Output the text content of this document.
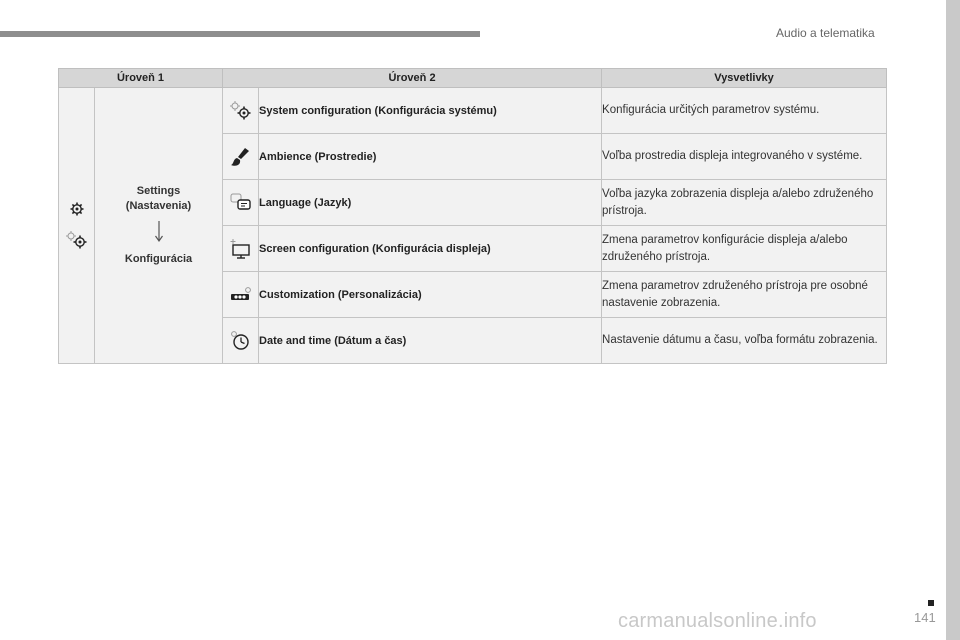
Audio a telematika
Úroveň 1		Úroveň 2		Vysvetlivky

Settings
(Nastavenia)
Konfigurácia		System configuration (Konfigurácia systému)	Konfigurácia určitých parametrov systému.
	Ambience (Prostredie)	Voľba prostredia displeja integrovaného v systéme.
	Language (Jazyk)	Voľba jazyka zobrazenia displeja a/alebo združeného prístroja.
	Screen configuration (Konfigurácia displeja)	Zmena parametrov konfigurácie displeja a/alebo združeného prístroja.
	Customization (Personalizácia)	Zmena parametrov združeného prístroja pre osobné nastavenie zobrazenia.
	Date and time (Dátum a čas)	Nastavenie dátumu a času, voľba formátu zobrazenia.
carmanualsonline.info	141
